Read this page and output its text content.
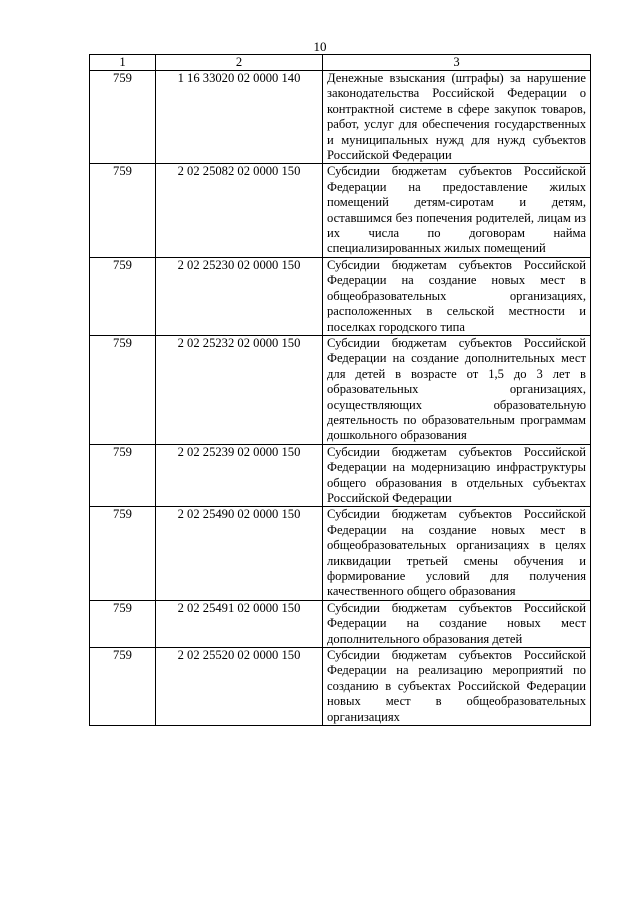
10
1	2	3
759	1 16 33020 02 0000 140	Денежные взыскания (штрафы) за нарушение законодательства Российской Федерации о контрактной системе в сфере закупок товаров, работ, услуг для обеспечения государственных и муниципальных нужд для нужд субъектов Российской Федерации
759	2 02 25082 02 0000 150	Субсидии бюджетам субъектов Российской Федерации на предоставление жилых помещений детям-сиротам и детям, оставшимся без попечения родителей, лицам из их числа по договорам найма специализированных жилых помещений
759	2 02 25230 02 0000 150	Субсидии бюджетам субъектов Российской Федерации на создание новых мест в общеобразовательных организациях, расположенных в сельской местности и поселках городского типа
759	2 02 25232 02 0000 150	Субсидии бюджетам субъектов Российской Федерации на создание дополнительных мест для детей в возрасте от 1,5 до 3 лет в образовательных организациях, осуществляющих образовательную деятельность по образовательным программам дошкольного образования
759	2 02 25239 02 0000 150	Субсидии бюджетам субъектов Российской Федерации на модернизацию инфраструктуры общего образования в отдельных субъектах Российской Федерации
759	2 02 25490 02 0000 150	Субсидии бюджетам субъектов Российской Федерации на создание новых мест в общеобразовательных организациях в целях ликвидации третьей смены обучения и формирование условий для получения качественного общего образования
759	2 02 25491 02 0000 150	Субсидии бюджетам субъектов Российской Федерации на создание новых мест дополнительного образования детей
759	2 02 25520 02 0000 150	Субсидии бюджетам субъектов Российской Федерации на реализацию мероприятий по созданию в субъектах Российской Федерации новых мест в общеобразовательных организациях
